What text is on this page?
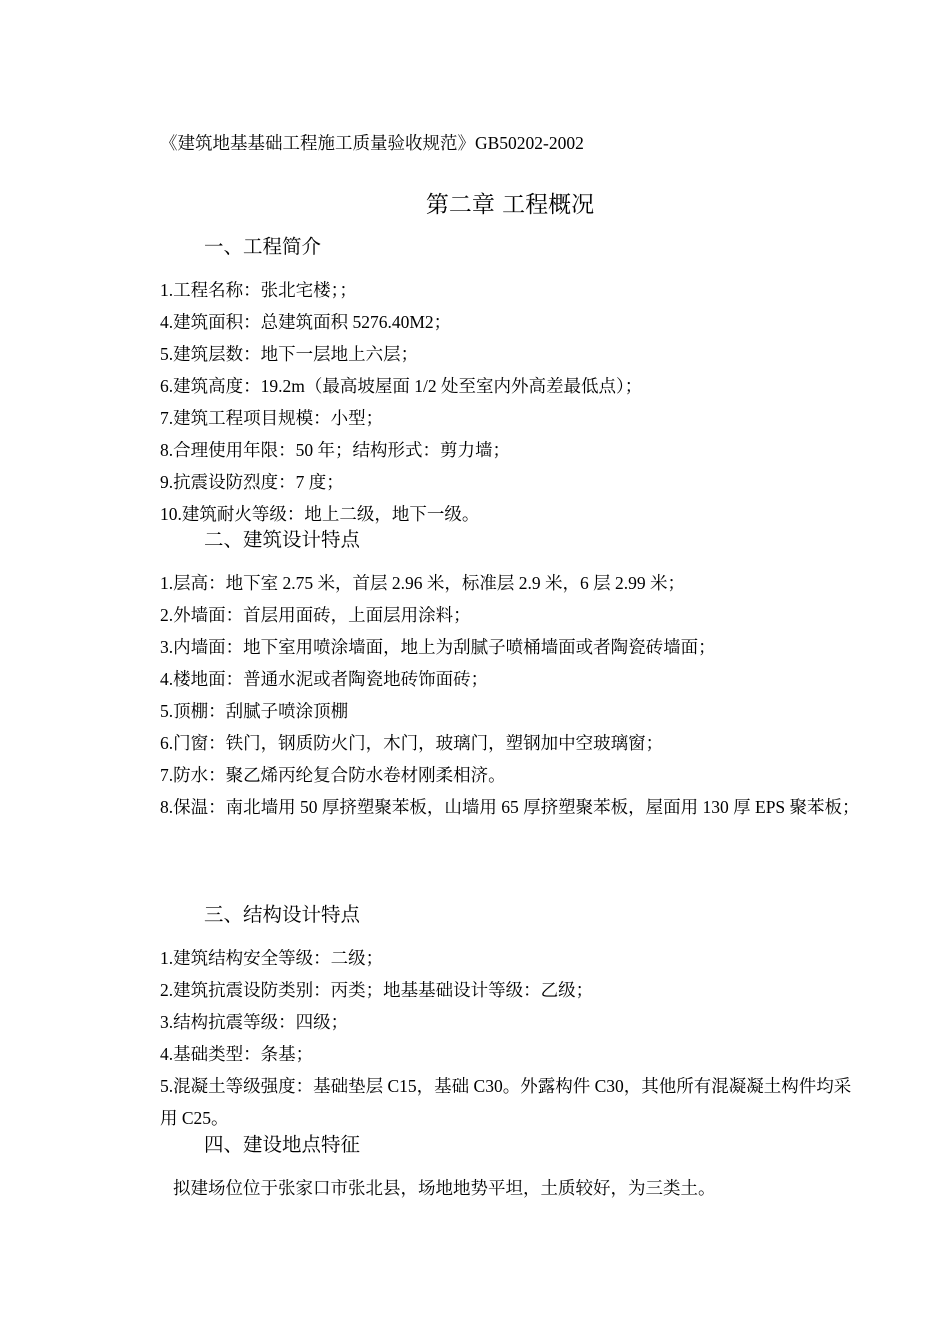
《建筑地基基础工程施工质量验收规范》GB50202-2002
第二章 工程概况
一、工程简介
1.工程名称：张北宅楼；；
4.建筑面积：总建筑面积 5276.40M2；
5.建筑层数：地下一层地上六层；
6.建筑高度：19.2m（最高坡屋面 1/2 处至室内外高差最低点）；
7.建筑工程项目规模：小型；
8.合理使用年限：50 年；结构形式：剪力墙；
9.抗震设防烈度：7 度；
10.建筑耐火等级：地上二级，地下一级。
二、建筑设计特点
1.层高：地下室 2.75 米，首层 2.96 米，标准层 2.9 米，6 层 2.99 米；
2.外墙面：首层用面砖，上面层用涂料；
3.内墙面：地下室用喷涂墙面，地上为刮腻子喷桶墙面或者陶瓷砖墙面；
4.楼地面：普通水泥或者陶瓷地砖饰面砖；
5.顶棚：刮腻子喷涂顶棚
6.门窗：铁门，钢质防火门，木门，玻璃门，塑钢加中空玻璃窗；
7.防水：聚乙烯丙纶复合防水卷材刚柔相济。
8.保温：南北墙用 50 厚挤塑聚苯板，山墙用 65 厚挤塑聚苯板，屋面用 130 厚 EPS 聚苯板；
三、结构设计特点
1.建筑结构安全等级：二级；
2.建筑抗震设防类别：丙类；地基基础设计等级：乙级；
3.结构抗震等级：四级；
4.基础类型：条基；
5.混凝土等级强度：基础垫层 C15，基础 C30。外露构件 C30，其他所有混凝凝土构件均采用 C25。
四、建设地点特征
拟建场位位于张家口市张北县，场地地势平坦，土质较好，为三类土。
